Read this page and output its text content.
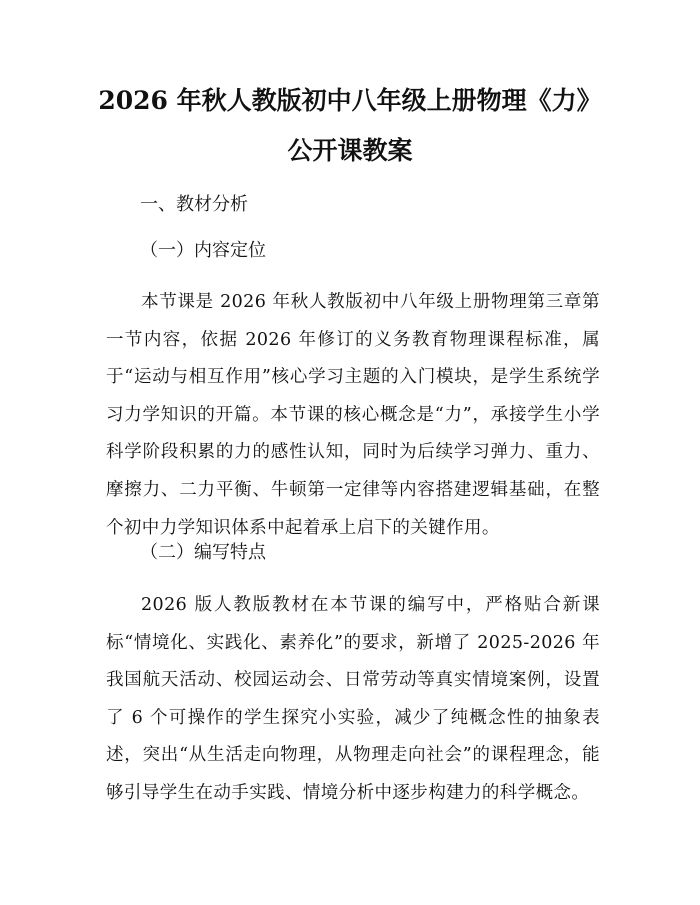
2026 年秋人教版初中八年级上册物理《力》
公开课教案
一、教材分析
（一）内容定位

本节课是 2026 年秋人教版初中八年级上册物理第三章第一节内容，依据 2026 年修订的义务教育物理课程标准，属于“运动与相互作用”核心学习主题的入门模块，是学生系统学习力学知识的开篇。本节课的核心概念是“力”，承接学生小学科学阶段积累的力的感性认知，同时为后续学习弹力、重力、摩擦力、二力平衡、牛顿第一定律等内容搭建逻辑基础，在整个初中力学知识体系中起着承上启下的关键作用。

（二）编写特点

2026 版人教版教材在本节课的编写中，严格贴合新课标“情境化、实践化、素养化”的要求，新增了 2025-2026 年我国航天活动、校园运动会、日常劳动等真实情境案例，设置了 6 个可操作的学生探究小实验，减少了纯概念性的抽象表述，突出“从生活走向物理，从物理走向社会”的课程理念，能够引导学生在动手实践、情境分析中逐步构建力的科学概念。
